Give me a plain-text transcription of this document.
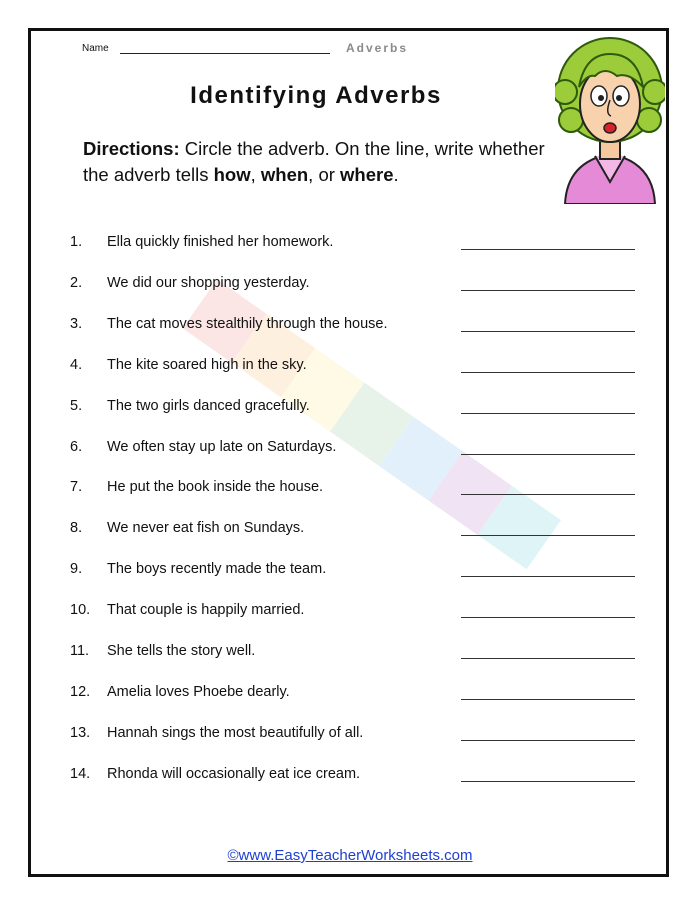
Name	Adverbs
Identifying Adverbs
Directions: Circle the adverb. On the line, write whether the adverb tells how, when, or where.
1. Ella quickly finished her homework.
2. We did our shopping yesterday.
3. The cat moves stealthily through the house.
4. The kite soared high in the sky.
5. The two girls danced gracefully.
6. We often stay up late on Saturdays.
7. He put the book inside the house.
8. We never eat fish on Sundays.
9. The boys recently made the team.
10. That couple is happily married.
11. She tells the story well.
12. Amelia loves Phoebe dearly.
13. Hannah sings the most beautifully of all.
14. Rhonda will occasionally eat ice cream.
©www.EasyTeacherWorksheets.com
